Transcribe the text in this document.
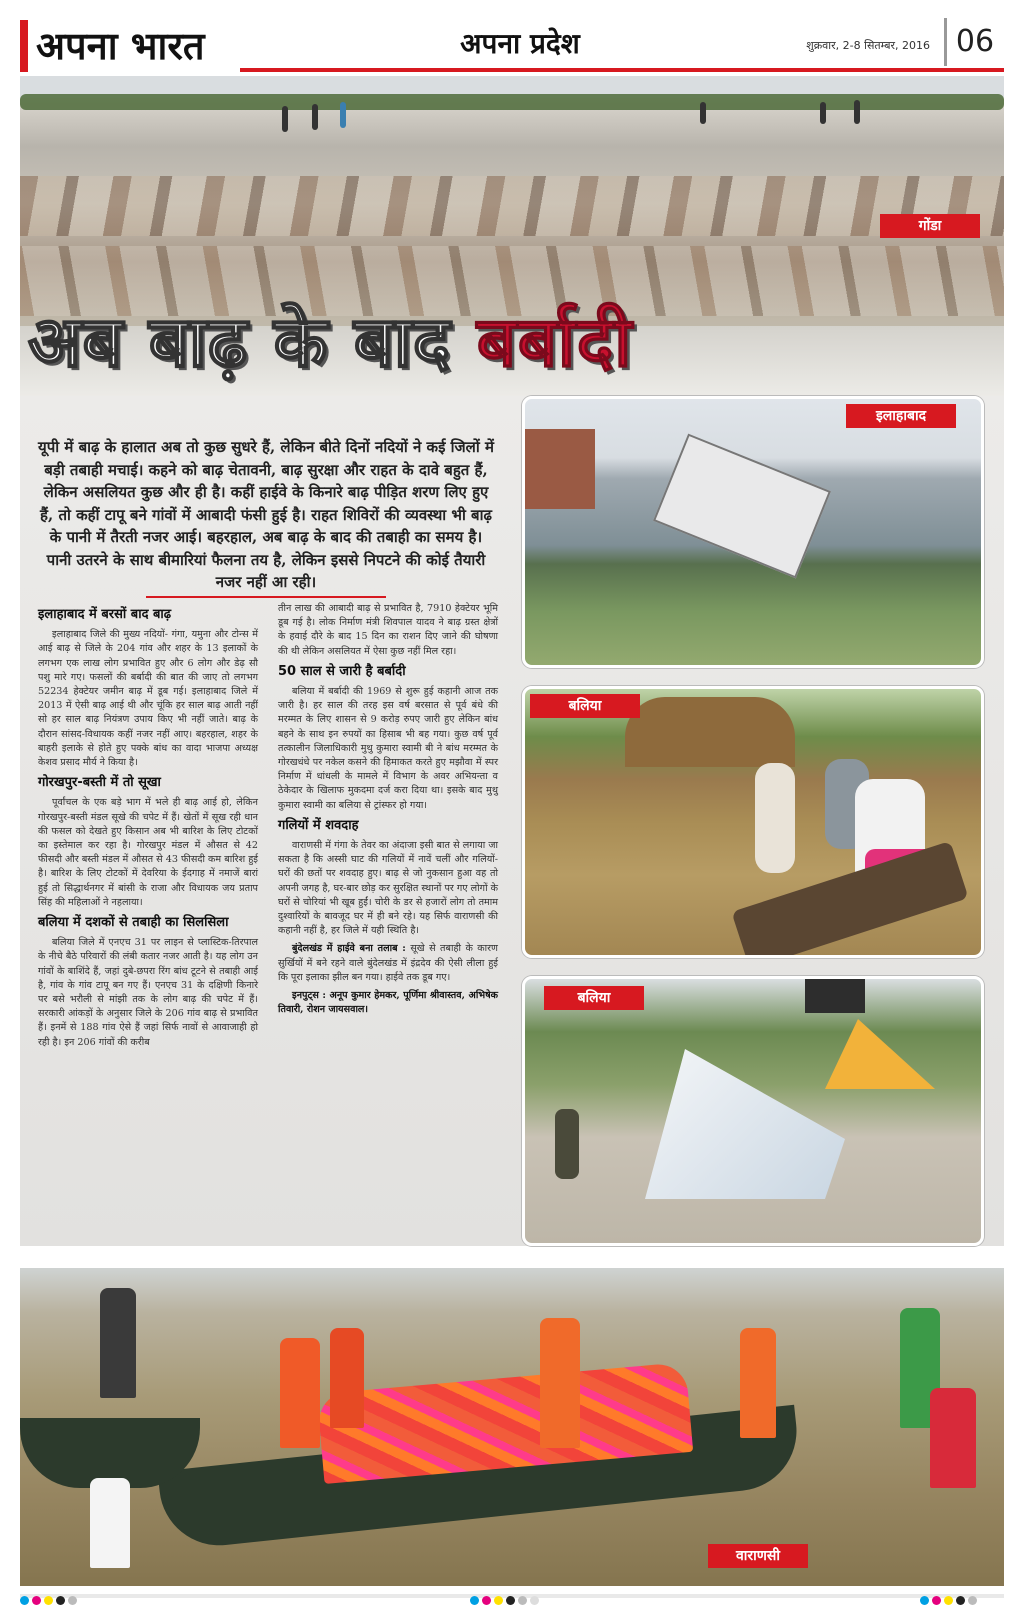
अपना भारत	अपना प्रदेश	शुक्रवार, 2-8 सितम्बर, 2016 06
गोंडा
अब बाढ़ के बाद बर्बादी
यूपी में बाढ़ के हालात अब तो कुछ सुधरे हैं, लेकिन बीते दिनों नदियों ने कई जिलों में बड़ी तबाही मचाई। कहने को बाढ़ चेतावनी, बाढ़ सुरक्षा और राहत के दावे बहुत हैं, लेकिन असलियत कुछ और ही है। कहीं हाईवे के किनारे बाढ़ पीड़ित शरण लिए हुए हैं, तो कहीं टापू बने गांवों में आबादी फंसी हुई है। राहत शिविरों की व्यवस्था भी बाढ़ के पानी में तैरती नजर आई। बहरहाल, अब बाढ़ के बाद की तबाही का समय है। पानी उतरने के साथ बीमारियां फैलना तय है, लेकिन इससे निपटने की कोई तैयारी नजर नहीं आ रही।
इलाहाबाद में बरसों बाद बाढ़

इलाहाबाद जिले की मुख्य नदियों- गंगा, यमुना और टोन्स में आई बाढ़ से जिले के 204 गांव और शहर के 13 इलाकों के लगभग एक लाख लोग प्रभावित हुए और 6 लोग और डेढ़ सौ पशु मारे गए। फसलों की बर्बादी की बात की जाए तो लगभग 52234 हेक्टेयर जमीन बाढ़ में डूब गई। इलाहाबाद जिले में 2013 में ऐसी बाढ़ आई थी और चूंकि हर साल बाढ़ आती नहीं सो हर साल बाढ़ नियंत्रण उपाय किए भी नहीं जाते। बाढ़ के दौरान सांसद-विधायक कहीं नजर नहीं आए। बहरहाल, शहर के बाहरी इलाके से होते हुए पक्के बांध का वादा भाजपा अध्यक्ष केशव प्रसाद मौर्य ने किया है।

गोरखपुर-बस्ती में तो सूखा

पूर्वांचल के एक बड़े भाग में भले ही बाढ़ आई हो, लेकिन गोरखपुर-बस्ती मंडल सूखे की चपेट में हैं। खेतों में सूख रही धान की फसल को देखते हुए किसान अब भी बारिश के लिए टोटकों का इस्तेमाल कर रहा है। गोरखपुर मंडल में औसत से 42 फीसदी और बस्ती मंडल में औसत से 43 फीसदी कम बारिश हुई है। बारिश के लिए टोटकों में देवरिया के ईदगाह में नमाजें बारां हुई तो सिद्धार्थनगर में बांसी के राजा और विधायक जय प्रताप सिंह की महिलाओं ने नहलाया।

बलिया में दशकों से तबाही का सिलसिला

बलिया जिले में एनएच 31 पर लाइन से प्लास्टिक-तिरपाल के नीचे बैठे परिवारों की लंबी कतार नजर आती है। यह लोग उन गांवों के बाशिंदे हैं, जहां दुबे-छपरा रिंग बांध टूटने से तबाही आई है, गांव के गांव टापू बन गए हैं। एनएच 31 के दक्षिणी किनारे पर बसे भरौली से मांझी तक के लोग बाढ़ की चपेट में हैं। सरकारी आंकड़ों के अनुसार जिले के 206 गांव बाढ़ से प्रभावित हैं। इनमें से 188 गांव ऐसे हैं जहां सिर्फ नावों से आवाजाही हो रही है। इन 206 गांवों की करीब

तीन लाख की आबादी बाढ़ से प्रभावित है, 7910 हेक्टेयर भूमि डूब गई है। लोक निर्माण मंत्री शिवपाल यादव ने बाढ़ ग्रस्त क्षेत्रों के हवाई दौरे के बाद 15 दिन का राशन दिए जाने की घोषणा की थी लेकिन असलियत में ऐसा कुछ नहीं मिल रहा।

50 साल से जारी है बर्बादी

बलिया में बर्बादी की 1969 से शुरू हुई कहानी आज तक जारी है। हर साल की तरह इस वर्ष बरसात से पूर्व बंधे की मरम्मत के लिए शासन से 9 करोड़ रुपए जारी हुए लेकिन बांध बहने के साथ इन रुपयों का हिसाब भी बह गया। कुछ वर्ष पूर्व तत्कालीन जिलाधिकारी मुथु कुमारा स्वामी बी ने बांध मरम्मत के गोरखधंधे पर नकेल कसने की हिमाकत करते हुए मझौवा में स्पर निर्माण में धांधली के मामले में विभाग के अवर अभियन्ता व ठेकेदार के खिलाफ मुकदमा दर्ज करा दिया था। इसके बाद मुथु कुमारा स्वामी का बलिया से ट्रांस्फर हो गया।

गलियों में शवदाह

वाराणसी में गंगा के तेवर का अंदाजा इसी बात से लगाया जा सकता है कि अस्सी घाट की गलियों में नावें चलीं और गलियों-घरों की छतों पर शवदाह हुए। बाढ़ से जो नुकसान हुआ वह तो अपनी जगह है, घर-बार छोड़ कर सुरक्षित स्थानों पर गए लोगों के घरों से चोरियां भी खूब हुईं। चोरी के डर से हजारों लोग तो तमाम दुश्वारियों के बावजूद घर में ही बने रहे। यह सिर्फ वाराणसी की कहानी नहीं है, हर जिले में यही स्थिति है।

बुंदेलखंड में हाईवे बना तलाब : सूखे से तबाही के कारण सुर्खियों में बने रहने वाले बुंदेलखंड में इंद्रदेव की ऐसी लीला हुई कि पूरा इलाका झील बन गया। हाईवे तक डूब गए।

इनपुट्स : अनूप कुमार हेमकर, पूर्णिमा श्रीवास्तव, अभिषेक तिवारी, रोशन जायसवाल।

इलाहाबाद
बलिया
बलिया
वाराणसी
